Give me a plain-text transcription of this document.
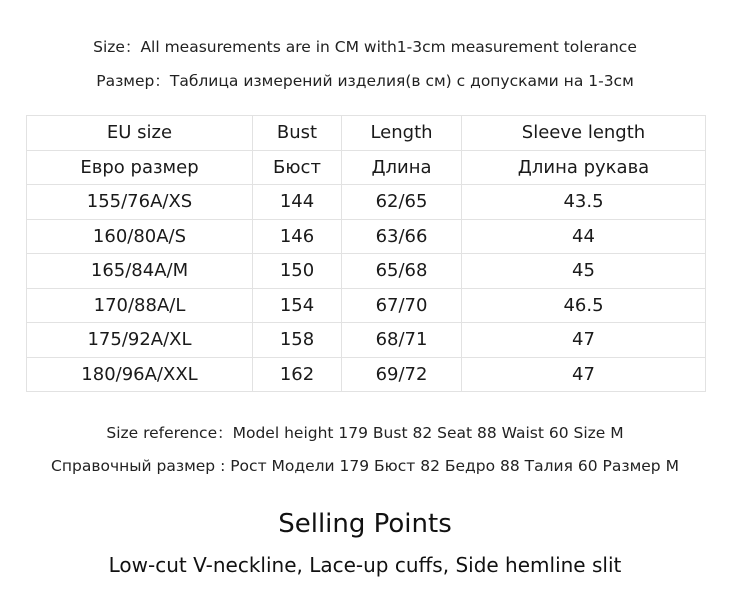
Size：All measurements are in CM with1-3cm measurement tolerance
Размер：Таблица измерений изделия(в см) с допусками на 1-3см
EU size	Bust	Length	Sleeve length
Евро размер	Бюст	Длина	Длина рукава
155/76A/XS	144	62/65	43.5
160/80A/S	146	63/66	44
165/84A/M	150	65/68	45
170/88A/L	154	67/70	46.5
175/92A/XL	158	68/71	47
180/96A/XXL	162	69/72	47
Size reference：Model height 179 Bust 82 Seat 88 Waist 60 Size M
Справочный размер : Рост Модели 179 Бюст 82 Бедро 88 Талия 60 Размер M
Selling Points
Low-cut V-neckline, Lace-up cuffs, Side hemline slit
